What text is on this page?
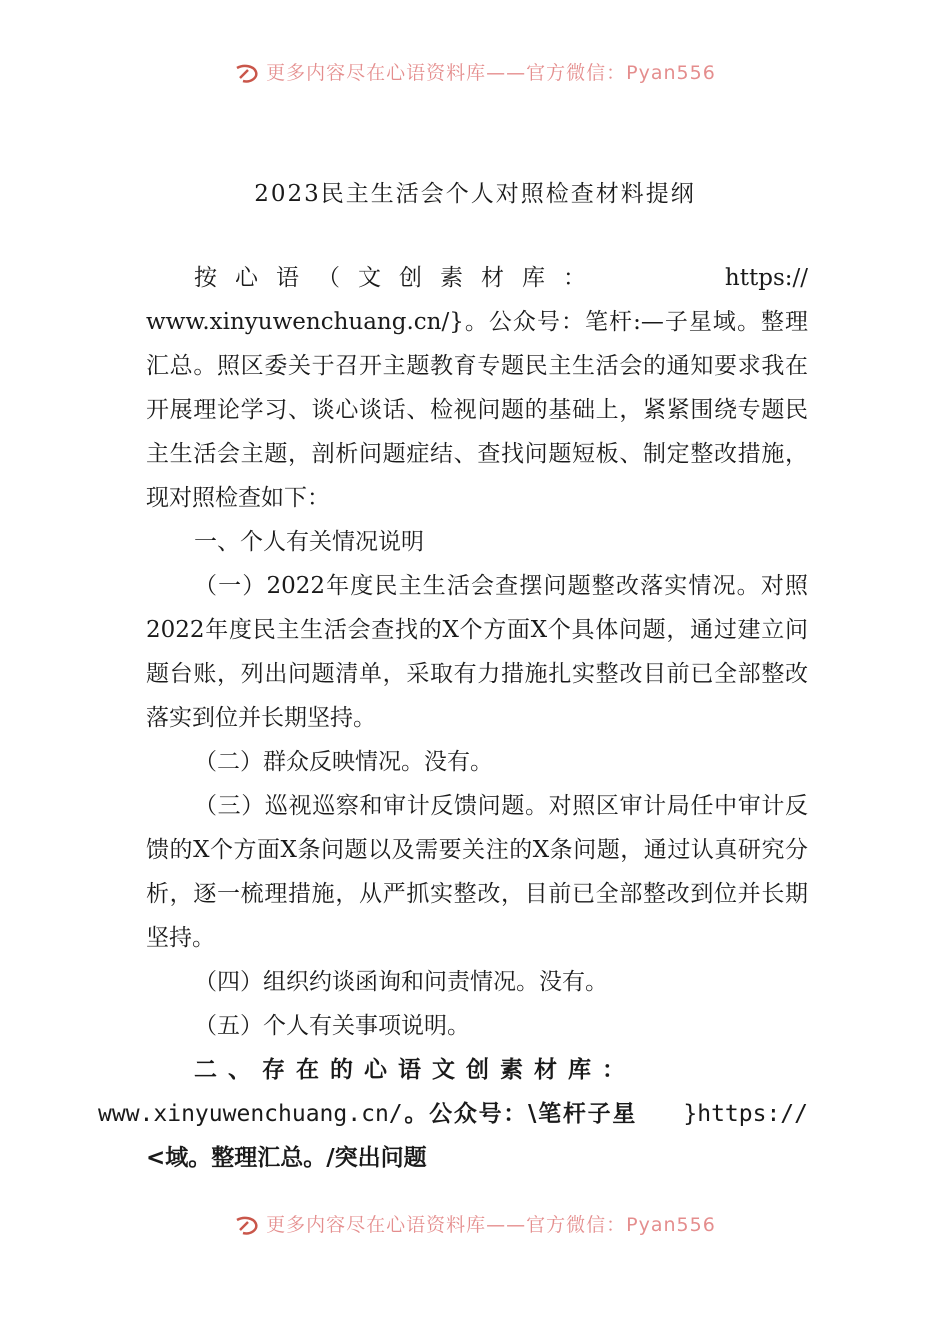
更多内容尽在心语资料库——官方微信：Pyan556
2023民主生活会个人对照检查材料提纲

按心语（文创素材库：	https://

www.xinyuwenchuang.cn/}。公众号：笔杆:—子星域。整理汇总。照区委关于召开主题教育专题民主生活会的通知要求我在开展理论学习、谈心谈话、检视问题的基础上，紧紧围绕专题民主生活会主题，剖析问题症结、查找问题短板、制定整改措施，现对照检查如下：

一、个人有关情况说明

（一）2022年度民主生活会查摆问题整改落实情况。对照2022年度民主生活会查找的X个方面X个具体问题，通过建立问题台账，列出问题清单，采取有力措施扎实整改目前已全部整改落实到位并长期坚持。

（二）群众反映情况。没有。

（三）巡视巡察和审计反馈问题。对照区审计局任中审计反馈的X个方面X条问题以及需要关注的X条问题，通过认真研究分析，逐一梳理措施，从严抓实整改，目前已全部整改到位并长期坚持。

（四）组织约谈函询和问责情况。没有。

（五）个人有关事项说明。

二、存在的心语文创素材库：
}https://

www.xinyuwenchuang.cn/。公众号：\笔杆子星<域。整理汇总。/突出问题

更多内容尽在心语资料库——官方微信：Pyan556
